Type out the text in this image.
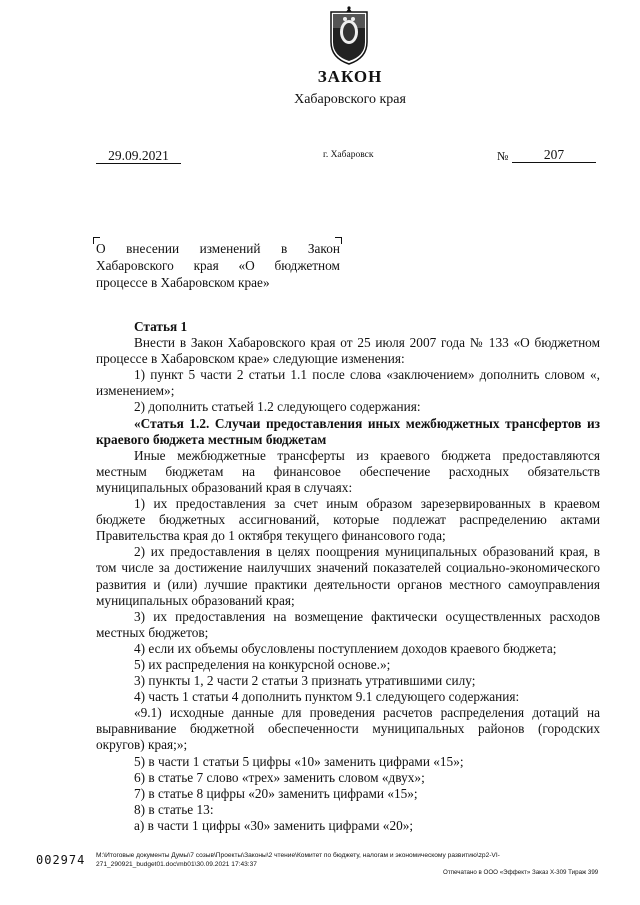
ЗАКОН
Хабаровского края
29.09.2021	г. Хабаровск	№	207
О внесении изменений в Закон
Хабаровского края «О бюджетном
процессе в Хабаровском крае»

Статья 1

Внести в Закон Хабаровского края от 25 июля 2007 года № 133 «О бюджетном процессе в Хабаровском крае» следующие изменения:

1) пункт 5 части 2 статьи 1.1 после слова «заключением» дополнить словом «, изменением»;

2) дополнить статьей 1.2 следующего содержания:

«Статья 1.2. Случаи предоставления иных межбюджетных трансфертов из краевого бюджета местным бюджетам

Иные межбюджетные трансферты из краевого бюджета предоставляются местным бюджетам на финансовое обеспечение расходных обязательств муниципальных образований края в случаях:

1) их предоставления за счет иным образом зарезервированных в краевом бюджете бюджетных ассигнований, которые подлежат распределению актами Правительства края до 1 октября текущего финансового года;

2) их предоставления в целях поощрения муниципальных образований края, в том числе за достижение наилучших значений показателей социально-экономического развития и (или) лучшие практики деятельности органов местного самоуправления муниципальных образований края;

3) их предоставления на возмещение фактически осуществленных расходов местных бюджетов;

4) если их объемы обусловлены поступлением доходов краевого бюджета;

5) их распределения на конкурсной основе.»;

3) пункты 1, 2 части 2 статьи 3 признать утратившими силу;

4) часть 1 статьи 4 дополнить пунктом 9.1 следующего содержания:

«9.1) исходные данные для проведения расчетов распределения дотаций на выравнивание бюджетной обеспеченности муниципальных районов (городских округов) края;»;

5) в части 1 статьи 5 цифры «10» заменить цифрами «15»;

6) в статье 7 слово «трех» заменить словом «двух»;

7) в статье 8 цифры «20» заменить цифрами «15»;

8) в статье 13:

а) в части 1 цифры «30» заменить цифрами «20»;

002974 M:\Итоговые документы Думы\7 созыв\Проекты\Законы\2 чтение\Комитет по бюджету, налогам и экономическому развитию\zp2-VI-271_290921_budget01.doc\mb01\30.09.2021 17:43:37
Отпечатано в ООО «Эффект» Заказ Х-309 Тираж 399
